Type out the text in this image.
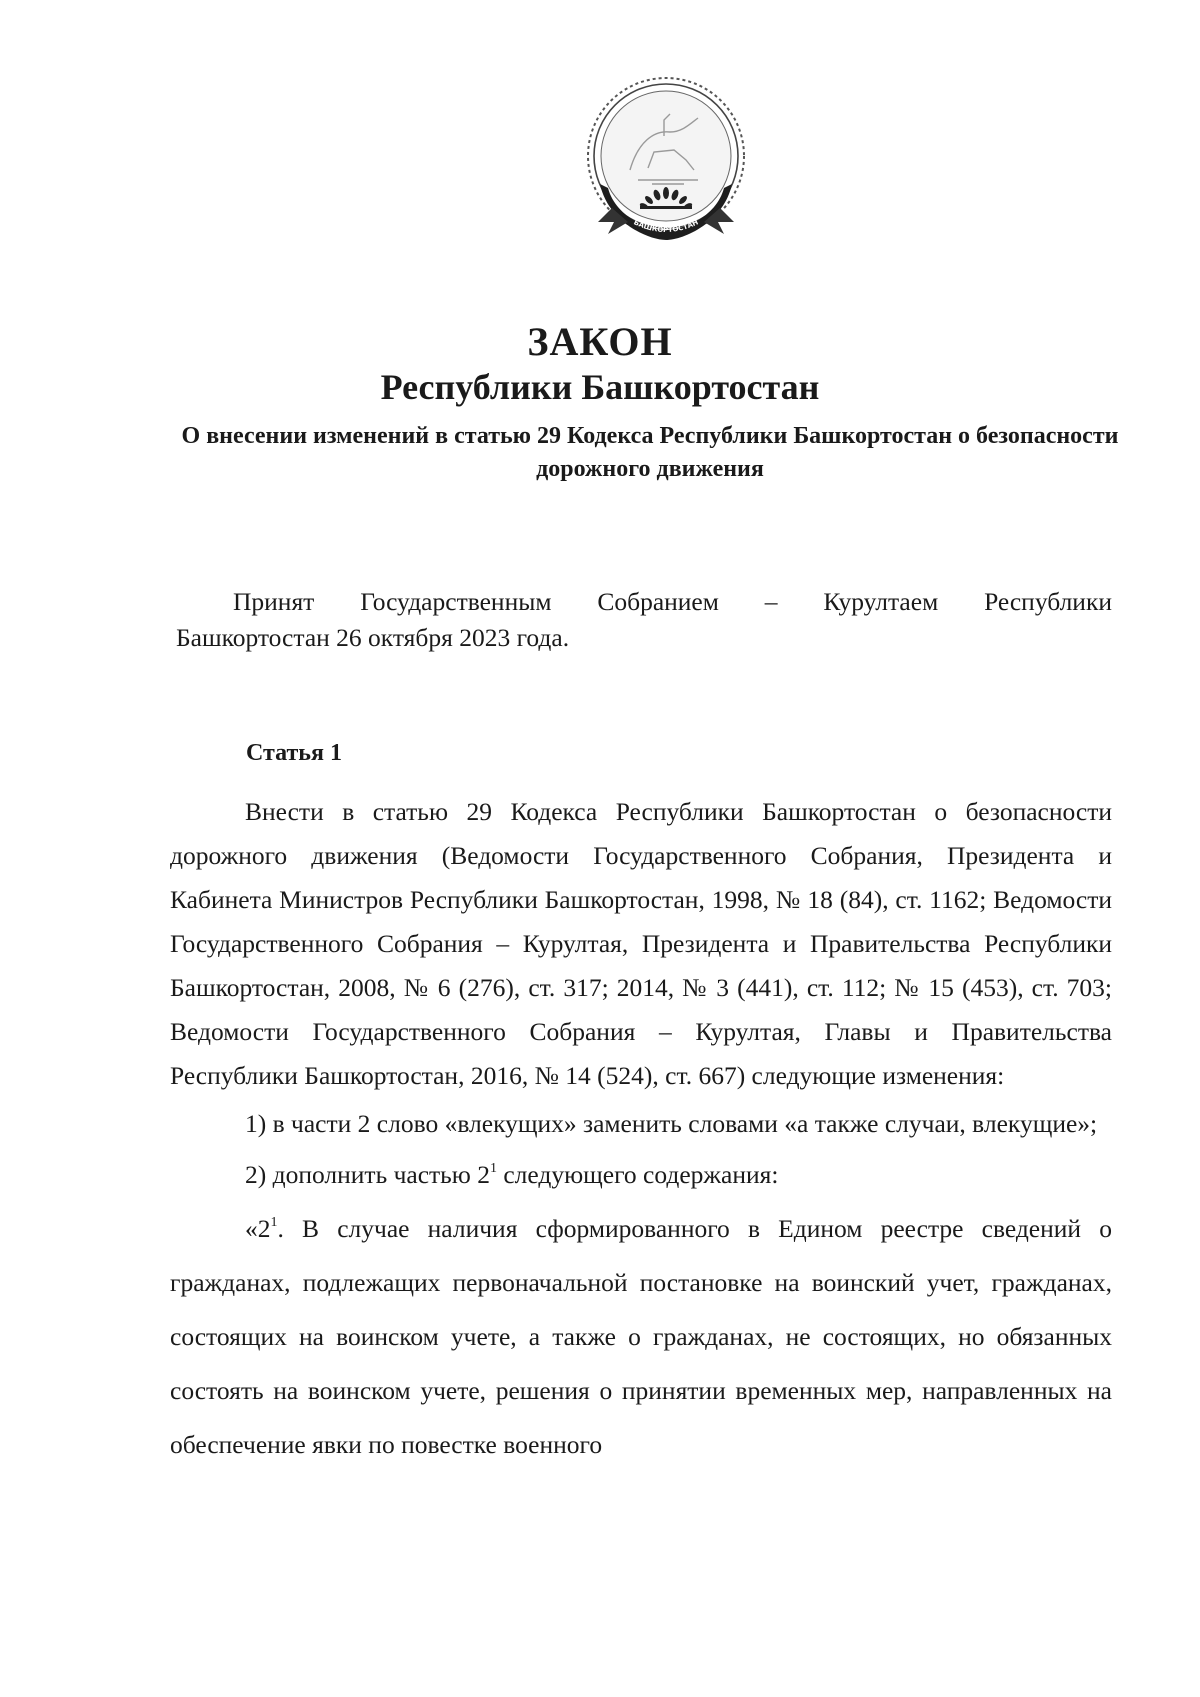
БАШКОРТОСТАН
ЗАКОН
Республики Башкортостан
О внесении изменений в статью 29 Кодекса Республики Башкортостан о безопасности дорожного движения
Принят Государственным Собранием – Курултаем Республики
Башкортостан 26 октября 2023 года.
Статья 1

Внести в статью 29 Кодекса Республики Башкортостан о безопасности дорожного движения (Ведомости Государственного Собрания, Президента и Кабинета Министров Республики Башкортостан, 1998, № 18 (84), ст. 1162; Ведомости Государственного Собрания – Курултая, Президента и Правительства Республики Башкортостан, 2008, № 6 (276), ст. 317; 2014, № 3 (441), ст. 112; № 15 (453), ст. 703; Ведомости Государственного Собрания – Курултая, Главы и Правительства Республики Башкортостан, 2016, № 14 (524), ст. 667) следующие изменения:

1) в части 2 слово «влекущих» заменить словами «а также случаи, влекущие»;

2) дополнить частью $2^1$ следующего содержания:

«$2^1$. В случае наличия сформированного в Едином реестре сведений о гражданах, подлежащих первоначальной постановке на воинский учет, гражданах, состоящих на воинском учете, а также о гражданах, не состоящих, но обязанных состоять на воинском учете, решения о принятии временных мер, направленных на обеспечение явки по повестке военного
